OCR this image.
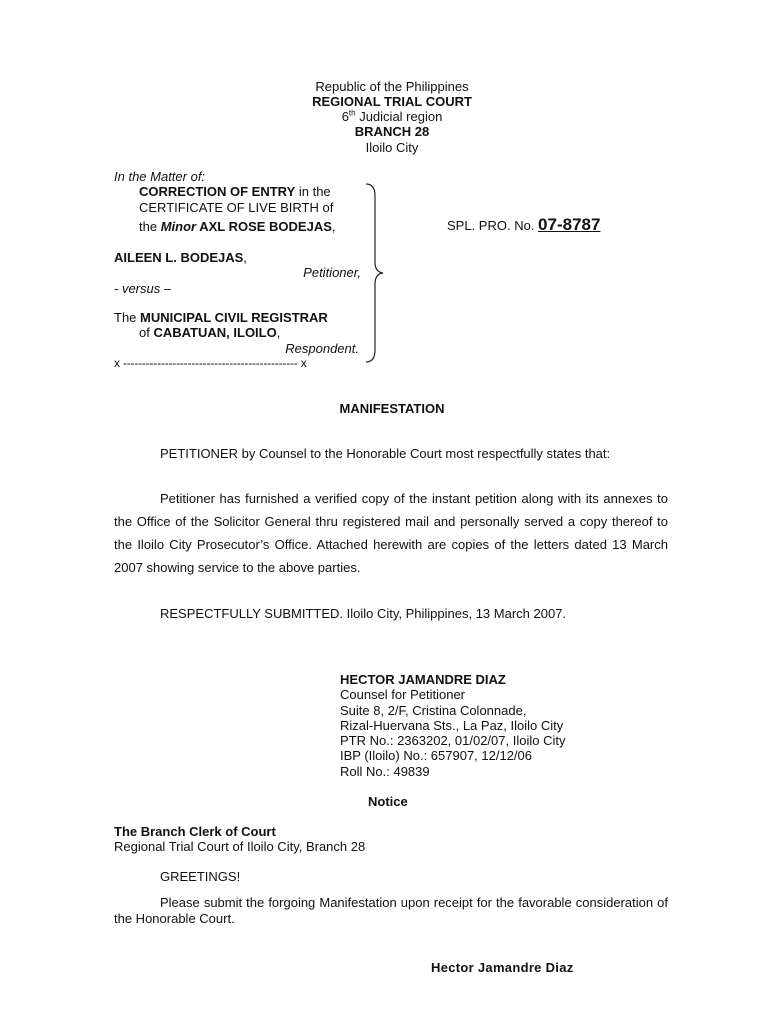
Republic of the Philippines
REGIONAL TRIAL COURT
6th Judicial region
BRANCH 28
Iloilo City
In the Matter of:
CORRECTION OF ENTRY in the
CERTIFICATE OF LIVE BIRTH of
the Minor AXL ROSE BODEJAS,
AILEEN L. BODEJAS,
Petitioner,
- versus –
The MUNICIPAL CIVIL REGISTRAR
of CABATUAN, ILOILO,
Respondent.
x ---------------------------------------------- x
SPL. PRO. No. 07-8787
MANIFESTATION
PETITIONER by Counsel to the Honorable Court most respectfully states that:
Petitioner has furnished a verified copy of the instant petition along with its annexes to the Office of the Solicitor General thru registered mail and personally served a copy thereof to the Iloilo City Prosecutor’s Office. Attached herewith are copies of the letters dated 13 March 2007 showing service to the above parties.
RESPECTFULLY SUBMITTED. Iloilo City, Philippines, 13 March 2007.
HECTOR JAMANDRE DIAZ
Counsel for Petitioner
Suite 8, 2/F, Cristina Colonnade,
Rizal-Huervana Sts., La Paz, Iloilo City
PTR No.: 2363202, 01/02/07, Iloilo City
IBP (Iloilo) No.: 657907, 12/12/06
Roll No.: 49839
Notice
The Branch Clerk of Court
Regional Trial Court of Iloilo City, Branch 28
GREETINGS!
Please submit the forgoing Manifestation upon receipt for the favorable consideration of the Honorable Court.
Hector Jamandre Diaz
